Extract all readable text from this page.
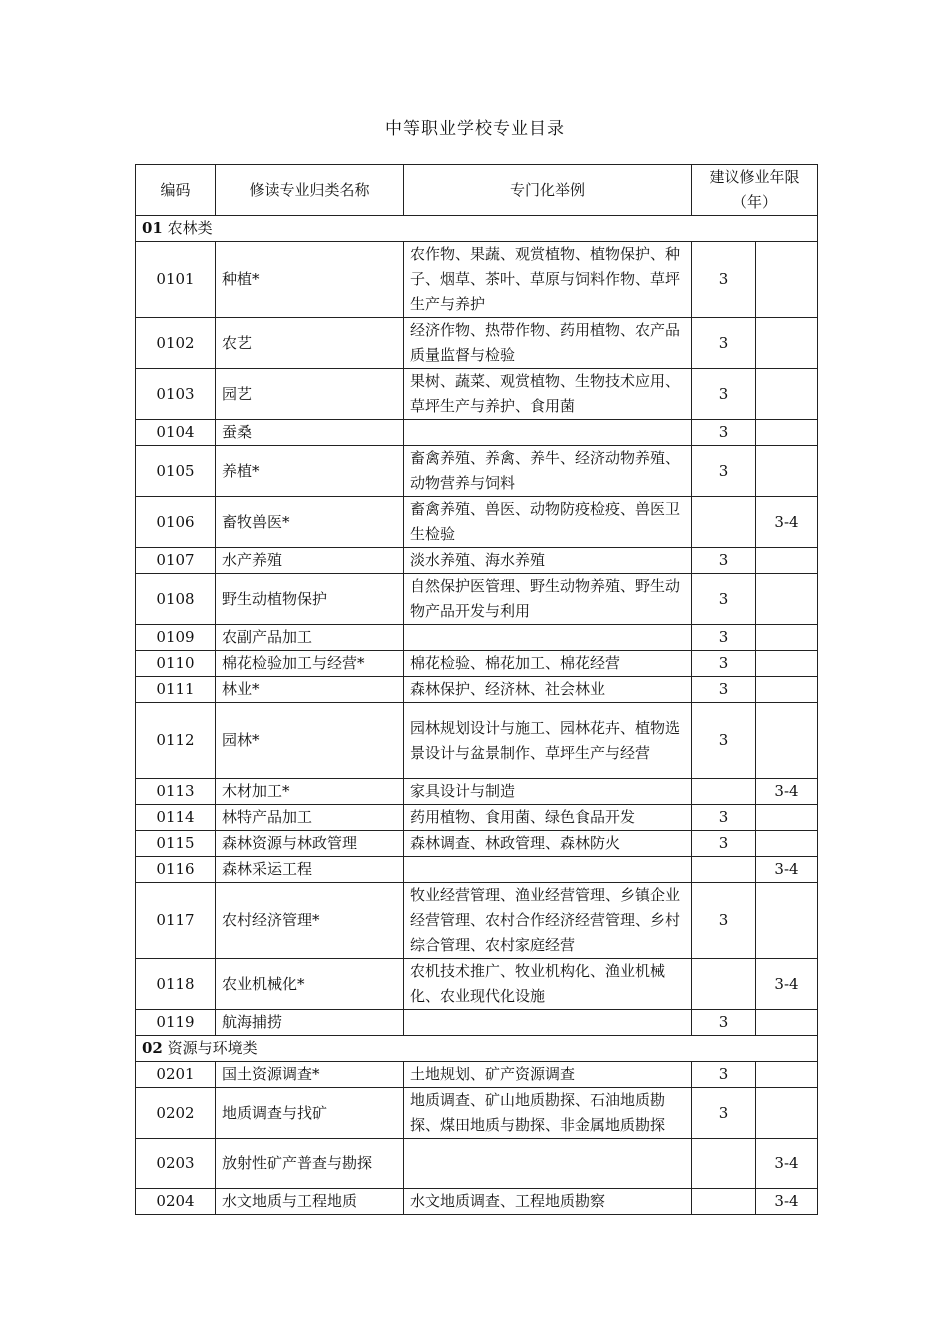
中等职业学校专业目录
编码	修读专业归类名称	专门化举例	建议修业年限（年）	
01 农林类				
0101	种植*	农作物、果蔬、观赏植物、植物保护、种子、烟草、茶叶、草原与饲料作物、草坪生产与养护	3	
0102	农艺	经济作物、热带作物、药用植物、农产品质量监督与检验	3	
0103	园艺	果树、蔬菜、观赏植物、生物技术应用、草坪生产与养护、食用菌	3	
0104	蚕桑		3	
0105	养植*	畜禽养殖、养禽、养牛、经济动物养殖、动物营养与饲料	3	
0106	畜牧兽医*	畜禽养殖、兽医、动物防疫检疫、兽医卫生检验		3-4
0107	水产养殖	淡水养殖、海水养殖	3	
0108	野生动植物保护	自然保护医管理、野生动物养殖、野生动物产品开发与利用	3	
0109	农副产品加工		3	
0110	棉花检验加工与经营*	棉花检验、棉花加工、棉花经营	3	
0111	林业*	森林保护、经济林、社会林业	3	
0112	园林*	园林规划设计与施工、园林花卉、植物选景设计与盆景制作、草坪生产与经营	3	
0113	木材加工*	家具设计与制造		3-4
0114	林特产品加工	药用植物、食用菌、绿色食品开发	3	
0115	森林资源与林政管理	森林调查、林政管理、森林防火	3	
0116	森林采运工程			3-4
0117	农村经济管理*	牧业经营管理、渔业经营管理、乡镇企业经营管理、农村合作经济经营管理、乡村综合管理、农村家庭经营	3	
0118	农业机械化*	农机技术推广、牧业机构化、渔业机械化、农业现代化设施		3-4
0119	航海捕捞		3	
02 资源与环境类				
0201	国土资源调查*	土地规划、矿产资源调查	3	
0202	地质调查与找矿	地质调查、矿山地质勘探、石油地质勘探、煤田地质与勘探、非金属地质勘探	3	
0203	放射性矿产普查与勘探			3-4
0204	水文地质与工程地质	水文地质调查、工程地质勘察		3-4
